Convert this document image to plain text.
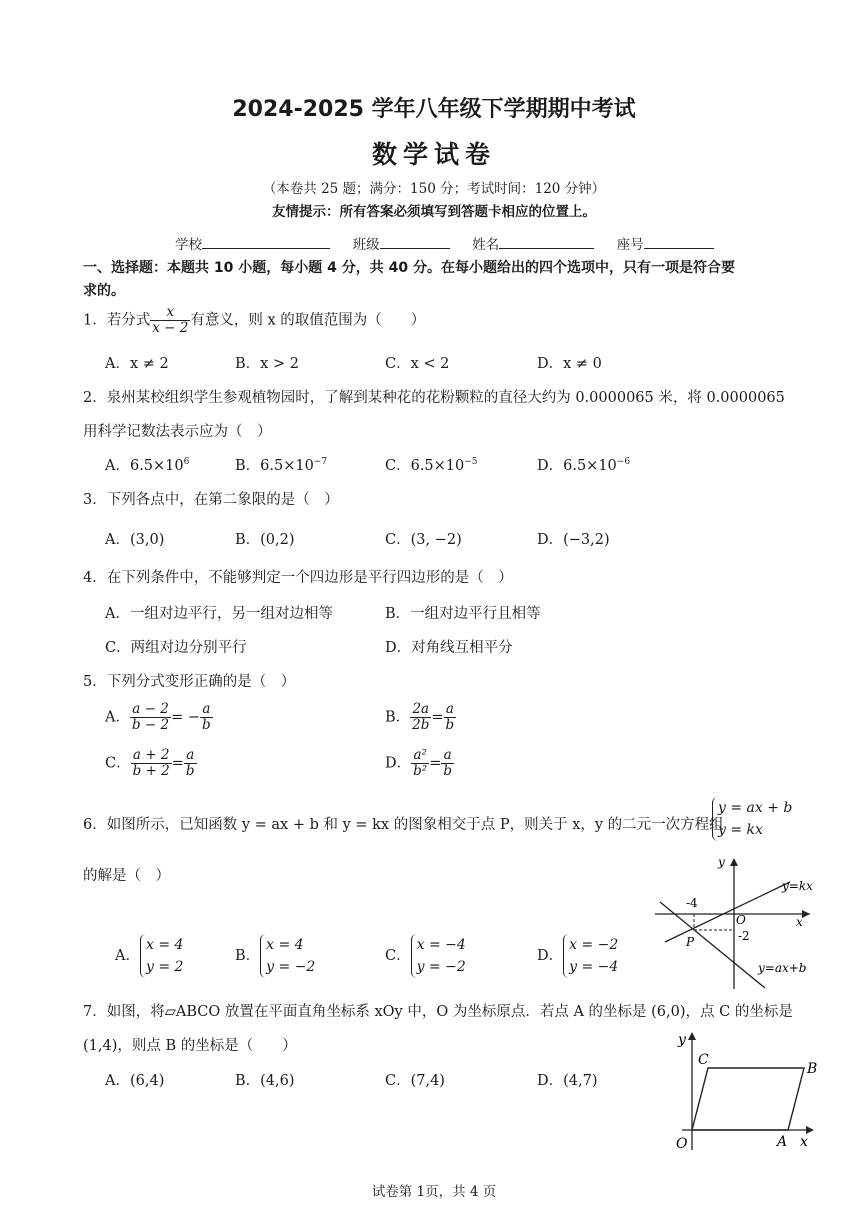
2024-2025 学年八年级下学期期中考试
数学试卷
（本卷共 25 题；满分：150 分；考试时间：120 分钟）
友情提示：所有答案必须填写到答题卡相应的位置上。
学校	班级	姓名	座号
一、选择题：本题共 10 小题，每小题 4 分，共 40 分。在每小题给出的四个选项中，只有一项是符合要
求的。
1．若分式 $\frac{x}{x - 2}$ 有意义，则 x 的取值范围为（　　）
A．x ≠ 2	B．x > 2	C．x < 2	D．x ≠ 0
2．泉州某校组织学生参观植物园时，了解到某种花的花粉颗粒的直径大约为 0.0000065 米，将 0.0000065
用科学记数法表示应为（　）
A．$6.5\times 10^6$	B．$6.5\times 10^{-7}$	C．$6.5\times 10^{-5}$	D．$6.5\times 10^{-6}$
3．下列各点中，在第二象限的是（　）
A．(3,0)	B．(0,2)	C．(3, −2)	D．(−3,2)
4．在下列条件中，不能够判定一个四边形是平行四边形的是（　）
A．一组对边平行，另一组对边相等	B．一组对边平行且相等
C．两组对边分别平行	D．对角线互相平分
5．下列分式变形正确的是（　）
A． $\frac{a - 2}{b - 2}$ = − $\frac{a}{b}$	B． $\frac{2a}{2b} = \frac{a}{b}$
C． $\frac{a + 2}{b + 2} = \frac{a}{b}$	D． $\frac{\text{a²}}{\text{b²}} = \frac{a}{b}$
6．如图所示，已知函数 y = ax + b 和 y = kx 的图象相交于点 P，则关于 x，y 的二元一次方程组
y = ax + b
y = kx
的解是（　）
A．
x = 4
y = 2
B．
x = 4
y = −2
C．
x = −4
y = −2
D．
x = −2
y = −4
y
x
O
-4
-2
P
y=kx
y=ax+b
7．如图，将▱ABCO 放置在平面直角坐标系 xOy 中，O 为坐标原点．若点 A 的坐标是 (6,0)，点 C 的坐标是
(1,4)，则点 B 的坐标是（　　）
A．(6,4)	B．(4,6)	C．(7,4)	D．(4,7)
y
x
O	A
B
C
试卷第 1页，共 4 页
